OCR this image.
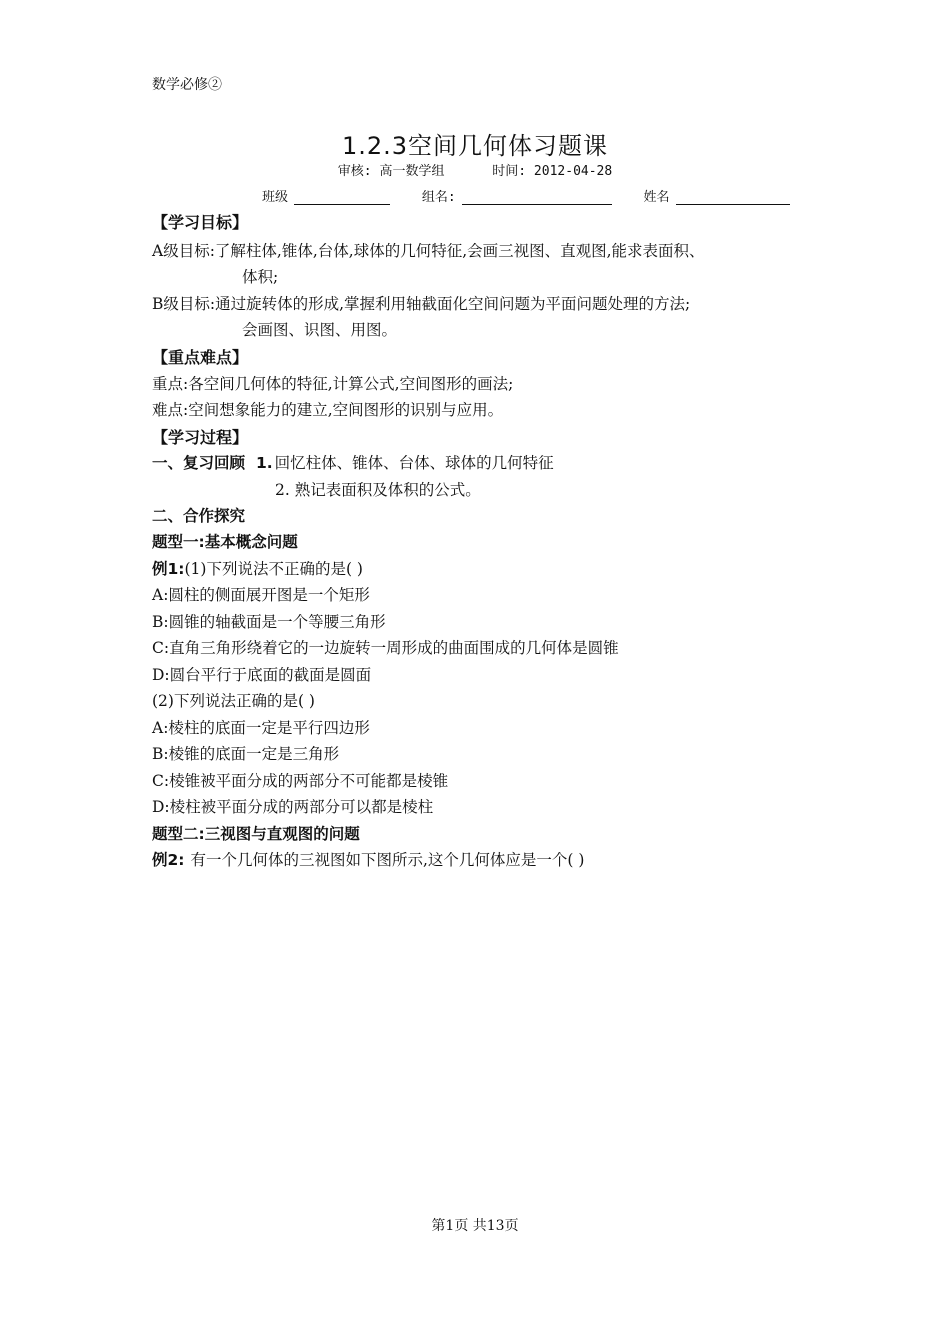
数学必修②
1.2.3空间几何体习题课
审核: 高一数学组	时间: 2012-04-28
班级	组名:	姓名
【学习目标】
A级目标:了解柱体,锥体,台体,球体的几何特征,会画三视图、直观图,能求表面积、
体积;
B级目标:通过旋转体的形成,掌握利用轴截面化空间问题为平面问题处理的方法;
会画图、识图、用图。
【重点难点】
重点:各空间几何体的特征,计算公式,空间图形的画法;
难点:空间想象能力的建立,空间图形的识别与应用。
【学习过程】
一、复习回顾 1. 回忆柱体、锥体、台体、球体的几何特征
2. 熟记表面积及体积的公式。
二、合作探究
题型一:基本概念问题
例1:(1)下列说法不正确的是( )
A:圆柱的侧面展开图是一个矩形
B:圆锥的轴截面是一个等腰三角形
C:直角三角形绕着它的一边旋转一周形成的曲面围成的几何体是圆锥
D:圆台平行于底面的截面是圆面
(2)下列说法正确的是( )
A:棱柱的底面一定是平行四边形
B:棱锥的底面一定是三角形
C:棱锥被平面分成的两部分不可能都是棱锥
D:棱柱被平面分成的两部分可以都是棱柱
题型二:三视图与直观图的问题
例2: 有一个几何体的三视图如下图所示,这个几何体应是一个( )
第1页 共13页
